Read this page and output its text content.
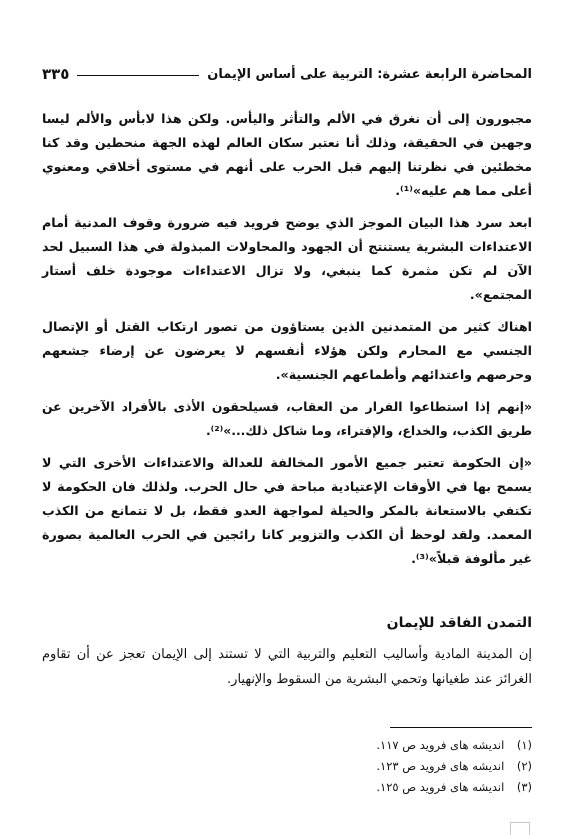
المحاضرة الرابعة عشرة: التربية على أساس الإيمان
٣٣٥

مجبورون إلى أن نغرق في الألم والتأثر واليأس. ولكن هذا لابأس والألم ليسا وجهين في الحقيقة، وذلك أنا نعتبر سكان العالم لهذه الجهة منحطين وقد كنا مخطئين في نظرتنا إليهم قبل الحرب على أنهم في مستوى أخلاقي ومعنوي أعلى مما هم عليه»⁽¹⁾.

ابعد سرد هذا البيان الموجز الذي يوضح فرويد فيه ضرورة وقوف المدنية أمام الاعتداءات البشرية يستنتج أن الجهود والمحاولات المبذولة في هذا السبيل لحد الآن لم تكن مثمرة كما ينبغي، ولا تزال الاعتداءات موجودة خلف أستار المجتمع».

اهناك كثير من المتمدنين الذين يستاؤون من تصور ارتكاب القتل أو الإتصال الجنسي مع المحارم ولكن هؤلاء أنفسهم لا يعرضون عن إرضاء جشعهم وحرصهم واعتدائهم وأطماعهم الجنسية».

«إنهم إذا استطاعوا الفرار من العقاب، فسيلحقون الأذى بالأفراد الآخرين عن طريق الكذب، والخداع، والإفتراء، وما شاكل ذلك...»⁽²⁾.

«إن الحكومة تعتبر جميع الأمور المخالفة للعدالة والاعتداءات الأخرى التي لا يسمح بها في الأوقات الإعتيادية مباحة في حال الحرب. ولذلك فان الحكومة لا تكتفي بالاستعانة بالمكر والحيلة لمواجهة العدو فقط، بل لا تتمانع من الكذب المعمد. ولقد لوحظ أن الكذب والتزوير كانا رائجين في الحرب العالمية بصورة غير مألوفة قبلاً»⁽³⁾.

التمدن الفاقد للإيمان
إن المدينة المادية وأساليب التعليم والتربية التي لا تستند إلى الإيمان تعجز عن أن تقاوم الغرائز عند طغيانها وتحمي البشرية من السقوط والإنهيار.
(١) انديشه هاى فرويد ص ١١٧.
(٢) انديشه هاى فرويد ص ١٢٣.
(٣) انديشه هاى فرويد ص ١٢٥.
